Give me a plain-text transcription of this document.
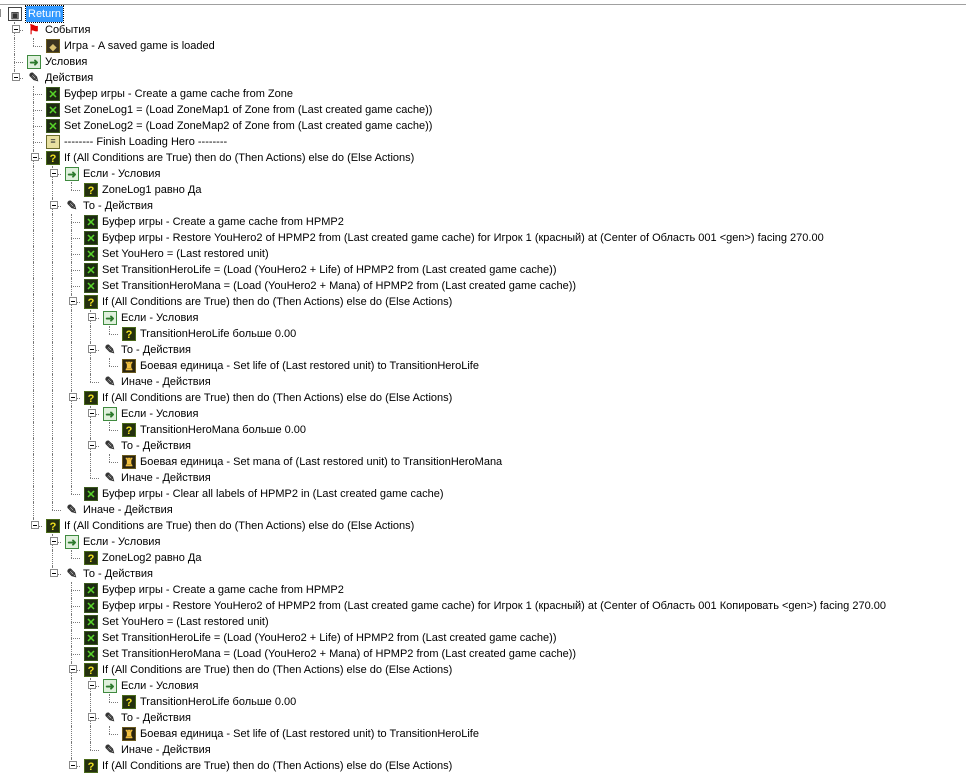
▣ Return
⚑ События
◆ Игра - A saved game is loaded
➜ Условия
✎ Действия
✕ Буфер игры - Create a game cache from Zone
✕ Set ZoneLog1 = (Load ZoneMap1 of Zone from (Last created game cache))
✕ Set ZoneLog2 = (Load ZoneMap2 of Zone from (Last created game cache))
≡ -------- Finish Loading Hero --------
? If (All Conditions are True) then do (Then Actions) else do (Else Actions)
➜ Если - Условия
? ZoneLog1 равно Да
✎ То - Действия
✕ Буфер игры - Create a game cache from HPMP2
✕ Буфер игры - Restore YouHero2 of HPMP2 from (Last created game cache) for Игрок 1 (красный) at (Center of Область 001 <gen>) facing 270.00
✕ Set YouHero = (Last restored unit)
✕ Set TransitionHeroLife = (Load (YouHero2 + Life) of HPMP2 from (Last created game cache))
✕ Set TransitionHeroMana = (Load (YouHero2 + Mana) of HPMP2 from (Last created game cache))
? If (All Conditions are True) then do (Then Actions) else do (Else Actions)
➜ Если - Условия
? TransitionHeroLife больше 0.00
✎ То - Действия
♜ Боевая единица - Set life of (Last restored unit) to TransitionHeroLife
✎ Иначе - Действия
? If (All Conditions are True) then do (Then Actions) else do (Else Actions)
➜ Если - Условия
? TransitionHeroMana больше 0.00
✎ То - Действия
♜ Боевая единица - Set mana of (Last restored unit) to TransitionHeroMana
✎ Иначе - Действия
✕ Буфер игры - Clear all labels of HPMP2 in (Last created game cache)
✎ Иначе - Действия
? If (All Conditions are True) then do (Then Actions) else do (Else Actions)
➜ Если - Условия
? ZoneLog2 равно Да
✎ То - Действия
✕ Буфер игры - Create a game cache from HPMP2
✕ Буфер игры - Restore YouHero2 of HPMP2 from (Last created game cache) for Игрок 1 (красный) at (Center of Область 001 Копировать <gen>) facing 270.00
✕ Set YouHero = (Last restored unit)
✕ Set TransitionHeroLife = (Load (YouHero2 + Life) of HPMP2 from (Last created game cache))
✕ Set TransitionHeroMana = (Load (YouHero2 + Mana) of HPMP2 from (Last created game cache))
? If (All Conditions are True) then do (Then Actions) else do (Else Actions)
➜ Если - Условия
? TransitionHeroLife больше 0.00
✎ То - Действия
♜ Боевая единица - Set life of (Last restored unit) to TransitionHeroLife
✎ Иначе - Действия
? If (All Conditions are True) then do (Then Actions) else do (Else Actions)
